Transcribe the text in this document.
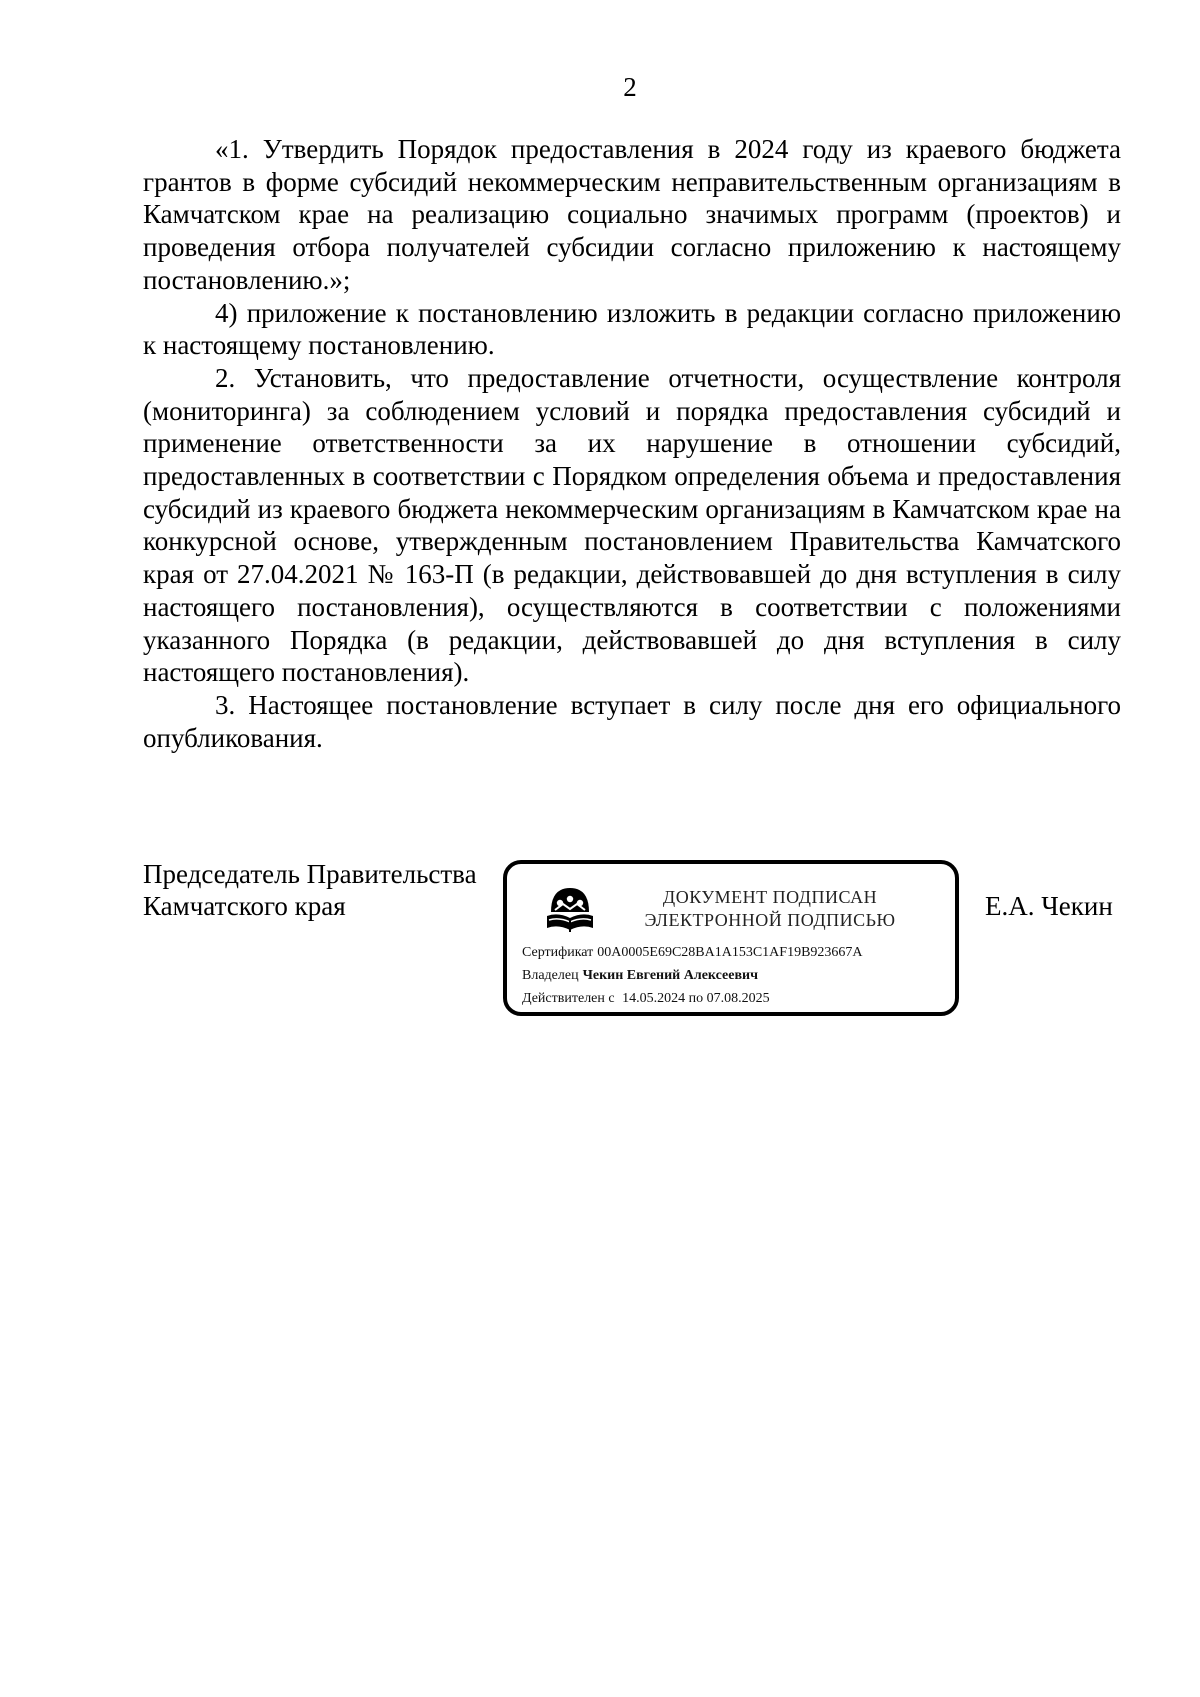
2

«1. Утвердить Порядок предоставления в 2024 году из краевого бюджета грантов в форме субсидий некоммерческим неправительственным организациям в Камчатском крае на реализацию социально значимых программ (проектов) и проведения отбора получателей субсидии согласно приложению к настоящему постановлению.»;

4) приложение к постановлению изложить в редакции согласно приложению к настоящему постановлению.

2. Установить, что предоставление отчетности, осуществление контроля (мониторинга) за соблюдением условий и порядка предоставления субсидий и применение ответственности за их нарушение в отношении субсидий, предоставленных в соответствии с Порядком определения объема и предоставления субсидий из краевого бюджета некоммерческим организациям в Камчатском крае на конкурсной основе, утвержденным постановлением Правительства Камчатского края от 27.04.2021 № 163-П (в редакции, действовавшей до дня вступления в силу настоящего постановления), осуществляются в соответствии с положениями указанного Порядка (в редакции, действовавшей до дня вступления в силу настоящего постановления).

3. Настоящее постановление вступает в силу после дня его официального опубликования.

Председатель Правительства
Камчатского края	ДОКУМЕНТ ПОДПИСАН
ЭЛЕКТРОННОЙ ПОДПИСЬЮ
Сертификат 00A0005E69C28BA1A153C1AF19B923667A
Владелец Чекин Евгений Алексеевич
Действителен с 14.05.2024 по 07.08.2025
Е.А. Чекин
